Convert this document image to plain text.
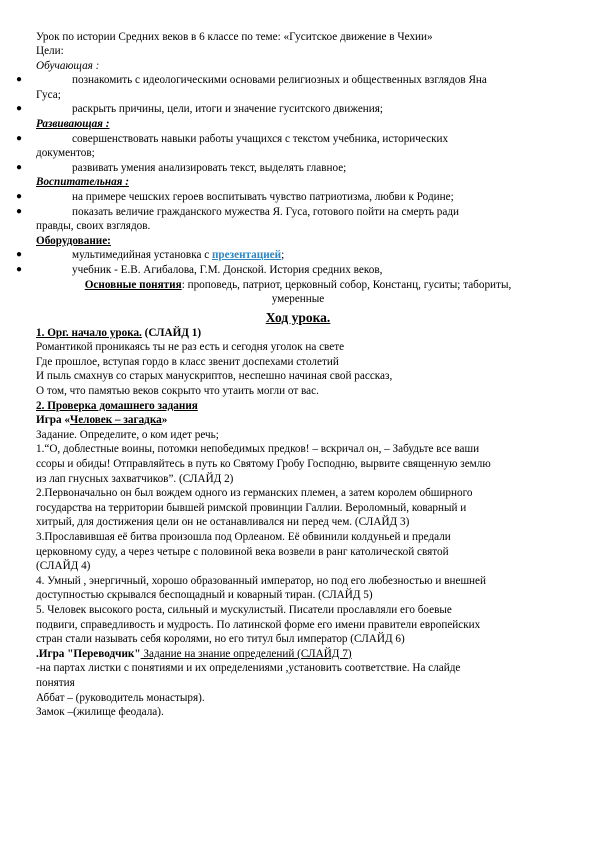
Урок по истории Средних веков в 6 классе по теме: «Гуситское движение в Чехии»

Цели:

Обучающая :

●	познакомить с идеологическими основами религиозных и общественных взглядов Яна
Гуса;

●	раскрыть причины, цели, итоги и значение гуситского движения;

Развивающая :

●	совершенствовать навыки работы учащихся с текстом учебника, исторических
документов;

●	развивать умения анализировать текст, выделять главное;

Воспитательная :

●	на примере чешских героев воспитывать чувство патриотизма, любви к Родине;

●	показать величие гражданского мужества Я. Гуса, готового пойти на смерть ради
правды, своих взглядов.

Оборудование:

●	мультимедийная установка с презентацией;

●	учебник - Е.В. Агибалова, Г.М. Донской. История средних веков,

Основные понятия: проповедь, патриот, церковный собор, Констанц, гуситы; табориты,

умеренные

Ход урока.

1. Орг. начало урока. (СЛАЙД 1)

Романтикой проникаясь ты не раз есть и сегодня уголок на свете

Где прошлое, вступая гордо в класс звенит доспехами столетий

И пыль смахнув со старых манускриптов, неспешно начиная свой рассказ,

О том, что памятью веков сокрыто что утаить могли от вас.

2. Проверка домашнего задания

Игра «Человек – загадка»

Задание. Определите, о ком идет речь;

1.“О, доблестные воины, потомки непобедимых предков! – вскричал он, – Забудьте все ваши
ссоры и обиды! Отправляйтесь в путь ко Святому Гробу Господню, вырвите священную землю
из лап гнусных захватчиков”. (СЛАЙД 2)

2.Первоначально он был вождем одного из германских племен, а затем королем обширного
государства на территории бывшей римской провинции Галлии. Вероломный, коварный и
хитрый, для достижения цели он не останавливался ни перед чем. (СЛАЙД 3)

3.Прославившая её битва произошла под Орлеаном. Её обвинили колдуньей и предали
церковному суду, а через четыре с половиной века возвели в ранг католической святой
(СЛАЙД 4)

4. Умный , энергичный, хорошо образованный император, но под его любезностью и внешней
доступностью скрывался беспощадный и коварный тиран. (СЛАЙД 5)

5. Человек высокого роста, сильный и мускулистый. Писатели прославляли его боевые
подвиги, справедливость и мудрость. По латинской форме его имени правители европейских
стран стали называть себя королями, но его титул был император (СЛАЙД 6)

.Игра "Переводчик" Задание на знание определений (СЛАЙД 7)

-на партах листки с понятиями и их определениями ,установить соответствие. На слайде
понятия

Аббат – (руководитель монастыря).

Замок –(жилище феодала).
